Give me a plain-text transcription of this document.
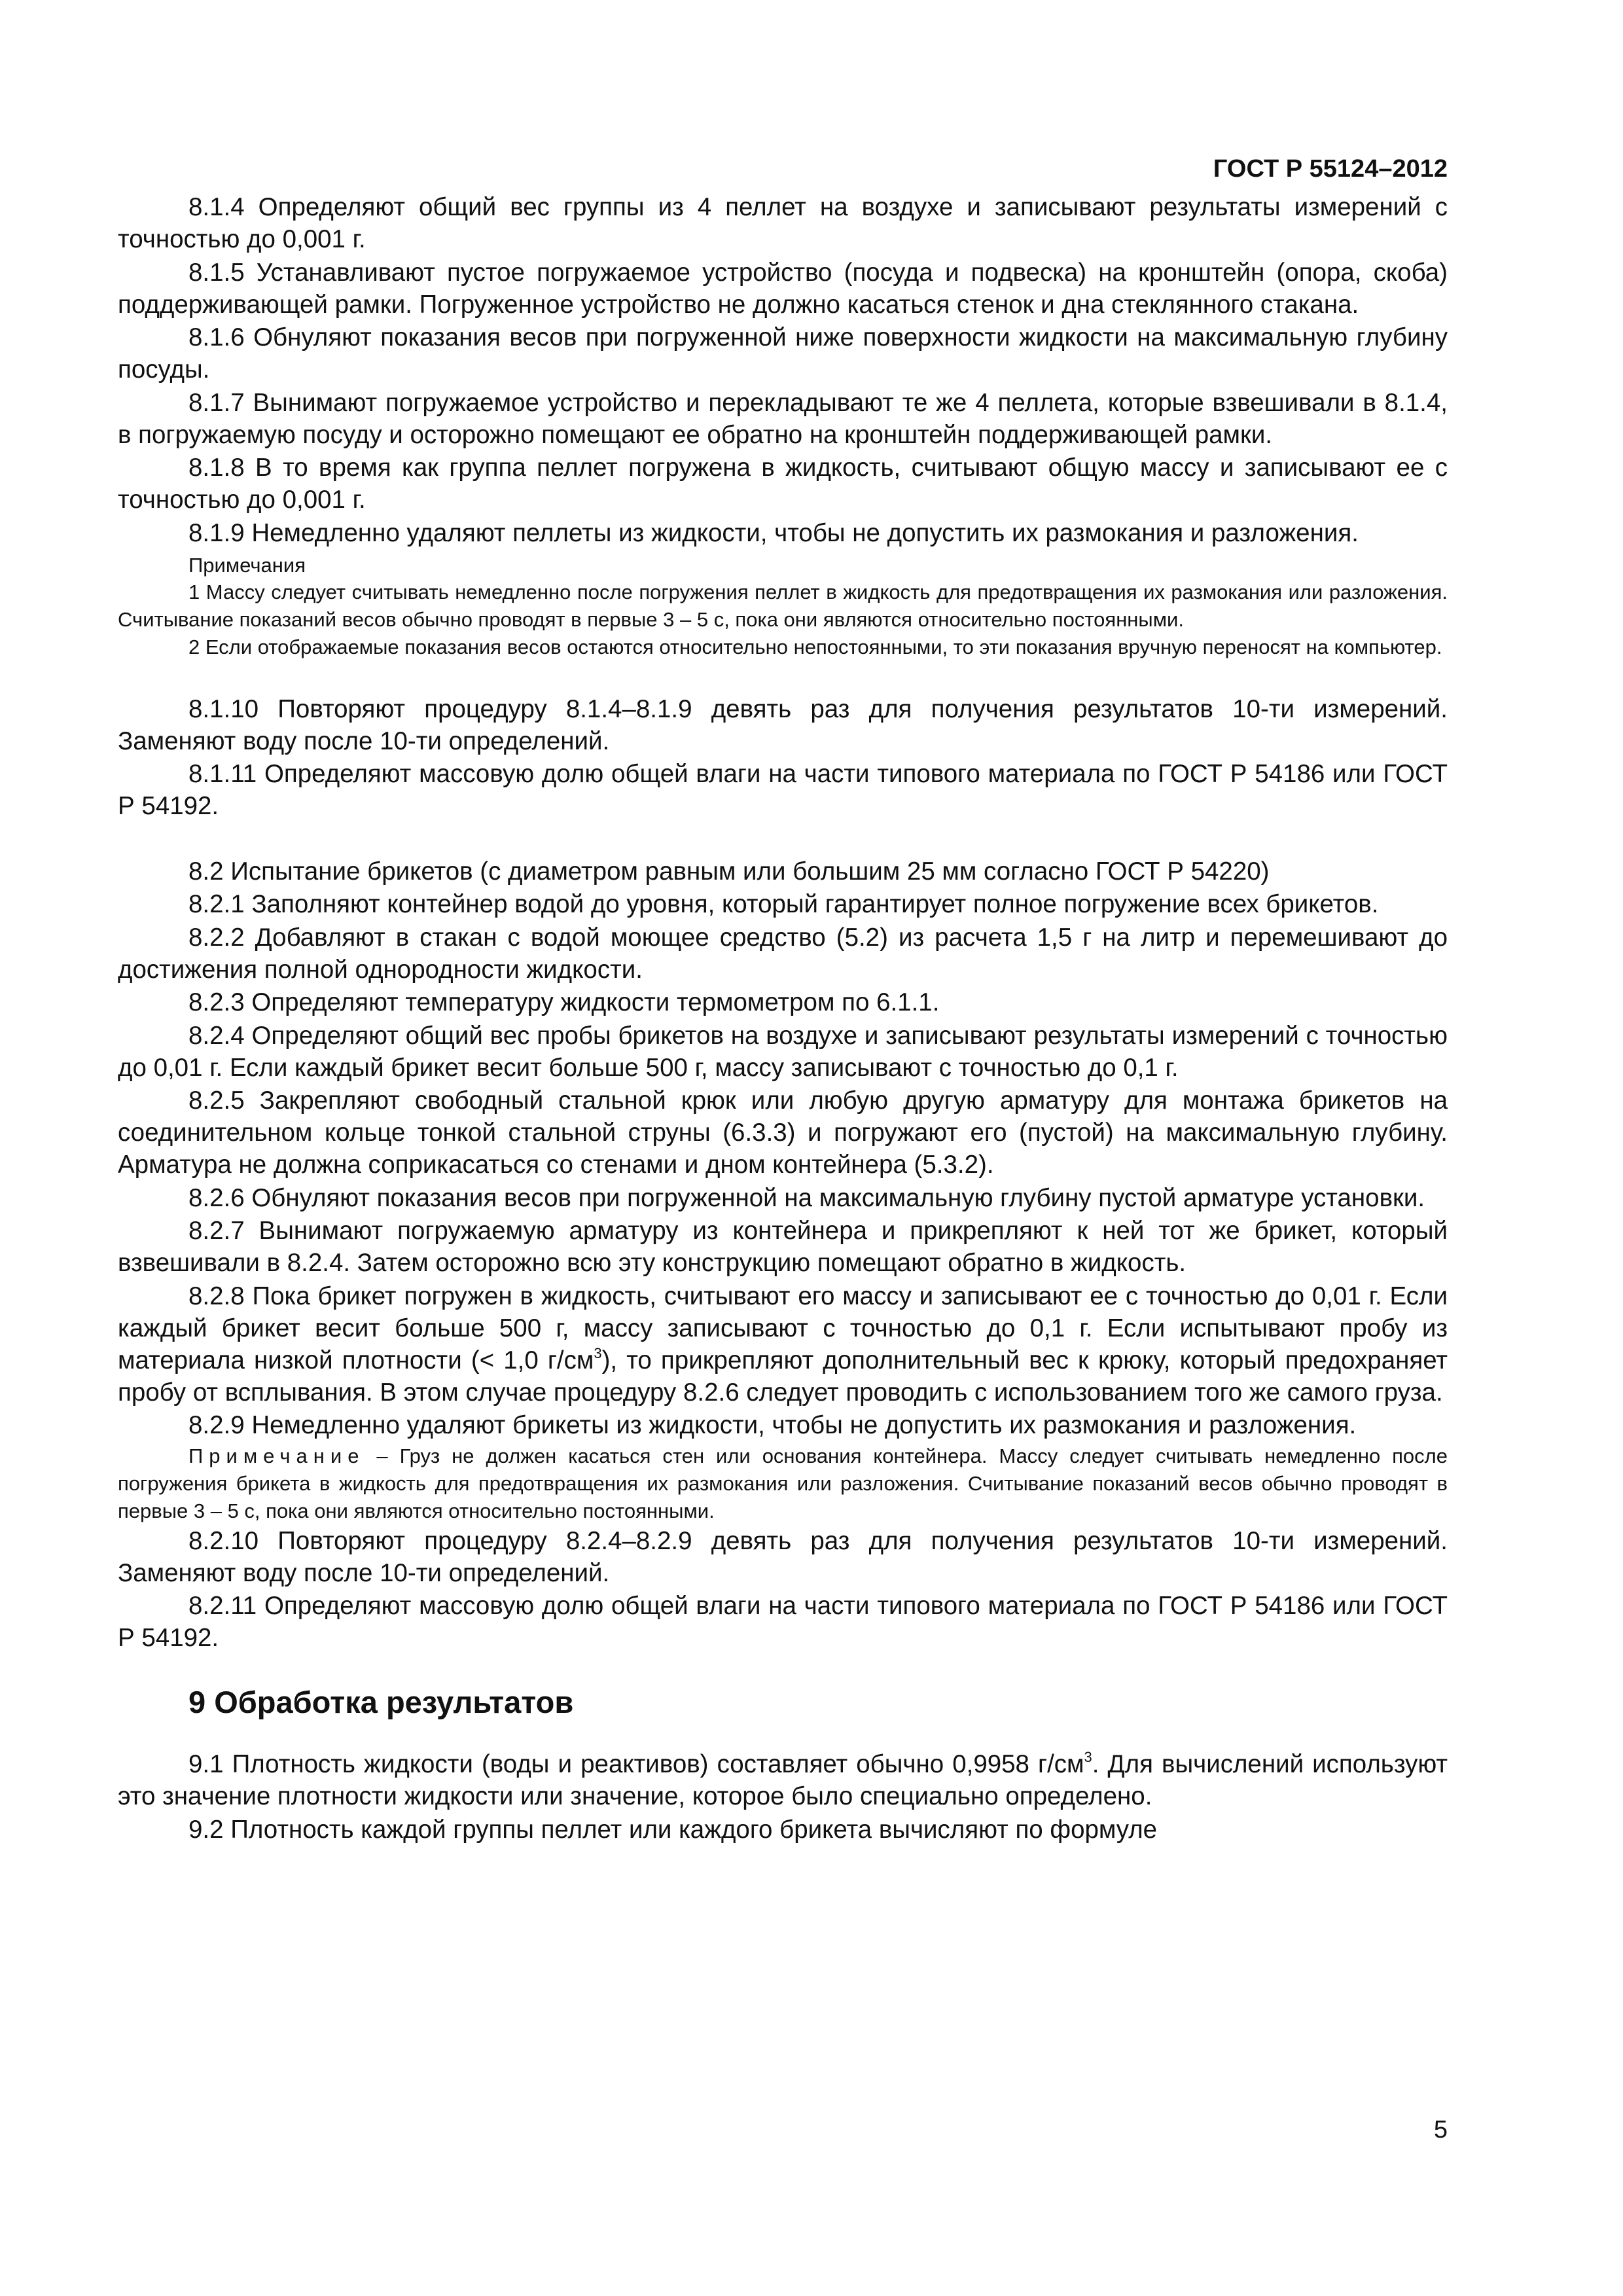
ГОСТ Р 55124–2012

8.1.4 Определяют общий вес группы из 4 пеллет на воздухе и записывают результаты измерений с точностью до 0,001 г.

8.1.5 Устанавливают пустое погружаемое устройство (посуда и подвеска) на кронштейн (опора, скоба) поддерживающей рамки. Погруженное устройство не должно касаться стенок и дна стеклянного стакана.

8.1.6 Обнуляют показания весов при погруженной ниже поверхности жидкости на максимальную глубину посуды.

8.1.7 Вынимают погружаемое устройство и перекладывают те же 4 пеллета, которые взвешивали в 8.1.4, в погружаемую посуду и осторожно помещают ее обратно на кронштейн поддерживающей рамки.

8.1.8 В то время как группа пеллет погружена в жидкость, считывают общую массу и записывают ее с точностью до 0,001 г.

8.1.9 Немедленно удаляют пеллеты из жидкости, чтобы не допустить их размокания и разложения.

Примечания

1 Массу следует считывать немедленно после погружения пеллет в жидкость для предотвращения их размокания или разложения. Считывание показаний весов обычно проводят в первые 3 – 5 с, пока они являются относительно постоянными.

2 Если отображаемые показания весов остаются относительно непостоянными, то эти показания вручную переносят на компьютер.

8.1.10 Повторяют процедуру 8.1.4–8.1.9 девять раз для получения результатов 10-ти измерений. Заменяют воду после 10-ти определений.

8.1.11 Определяют массовую долю общей влаги на части типового материала по ГОСТ Р 54186 или ГОСТ Р 54192.

8.2 Испытание брикетов (с диаметром равным или большим 25 мм согласно ГОСТ Р 54220)

8.2.1 Заполняют контейнер водой до уровня, который гарантирует полное погружение всех брикетов.

8.2.2 Добавляют в стакан с водой моющее средство (5.2) из расчета 1,5 г на литр и перемешивают до достижения полной однородности жидкости.

8.2.3 Определяют температуру жидкости термометром по 6.1.1.

8.2.4 Определяют общий вес пробы брикетов на воздухе и записывают результаты измерений с точностью до 0,01 г. Если каждый брикет весит больше 500 г, массу записывают с точностью до 0,1 г.

8.2.5 Закрепляют свободный стальной крюк или любую другую арматуру для монтажа брикетов на соединительном кольце тонкой стальной струны (6.3.3) и погружают его (пустой) на максимальную глубину. Арматура не должна соприкасаться со стенами и дном контейнера (5.3.2).

8.2.6 Обнуляют показания весов при погруженной на максимальную глубину пустой арматуре установки.

8.2.7 Вынимают погружаемую арматуру из контейнера и прикрепляют к ней тот же брикет, который взвешивали в 8.2.4. Затем осторожно всю эту конструкцию помещают обратно в жидкость.

8.2.8 Пока брикет погружен в жидкость, считывают его массу и записывают ее с точностью до 0,01 г. Если каждый брикет весит больше 500 г, массу записывают с точностью до 0,1 г. Если испытывают пробу из материала низкой плотности (< 1,0 $г/см^3$), то прикрепляют дополнительный вес к крюку, который предохраняет пробу от всплывания. В этом случае процедуру 8.2.6 следует проводить с использованием того же самого груза.

8.2.9 Немедленно удаляют брикеты из жидкости, чтобы не допустить их размокания и разложения.

Примечание – Груз не должен касаться стен или основания контейнера. Массу следует считывать немедленно после погружения брикета в жидкость для предотвращения их размокания или разложения. Считывание показаний весов обычно проводят в первые 3 – 5 с, пока они являются относительно постоянными.

8.2.10 Повторяют процедуру 8.2.4–8.2.9 девять раз для получения результатов 10-ти измерений. Заменяют воду после 10-ти определений.

8.2.11 Определяют массовую долю общей влаги на части типового материала по ГОСТ Р 54186 или ГОСТ Р 54192.

9 Обработка результатов

9.1 Плотность жидкости (воды и реактивов) составляет обычно 0,9958 $г/см^3$. Для вычислений используют это значение плотности жидкости или значение, которое было специально определено.

9.2 Плотность каждой группы пеллет или каждого брикета вычисляют по формуле

5
